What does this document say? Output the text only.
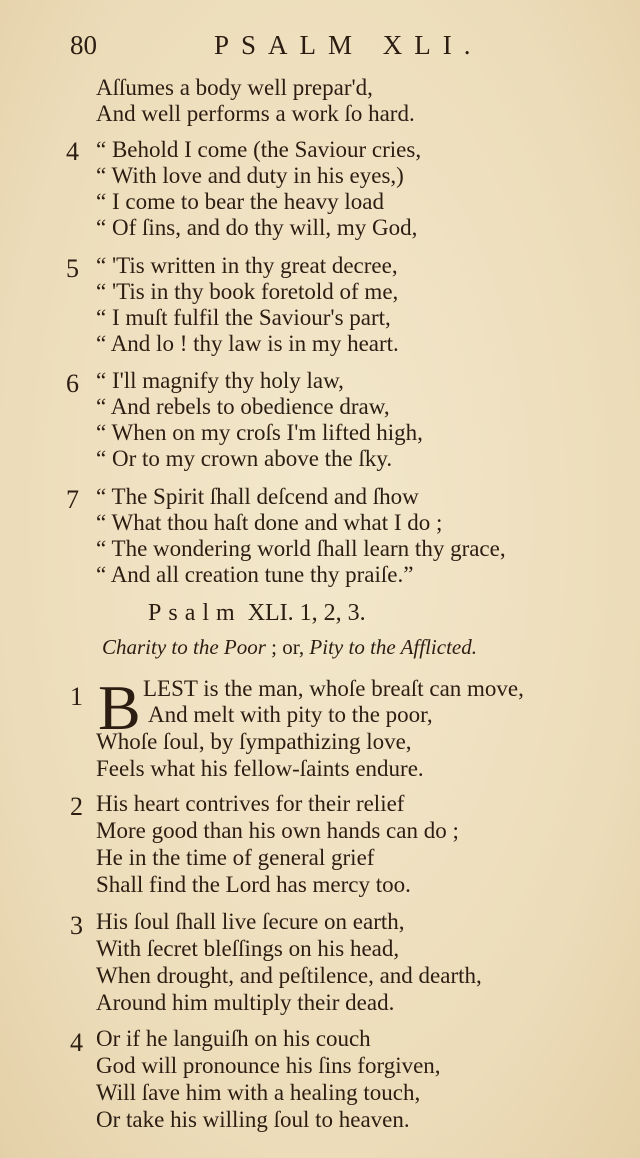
80	PSALM XLI.
Aſſumes a body well prepar'd,
And well performs a work ſo hard.
4 “ Behold I come (the Saviour cries,
“ With love and duty in his eyes,)
“ I come to bear the heavy load
“ Of ſins, and do thy will, my God,
5 “ 'Tis written in thy great decree,
“ 'Tis in thy book foretold of me,
“ I muſt fulfil the Saviour's part,
“ And lo ! thy law is in my heart.
6 “ I'll magnify thy holy law,
“ And rebels to obedience draw,
“ When on my croſs I'm lifted high,
“ Or to my crown above the ſky.
7 “ The Spirit ſhall deſcend and ſhow
“ What thou haſt done and what I do ;
“ The wondering world ſhall learn thy grace,
“ And all creation tune thy praiſe.”
Psalm XLI. 1, 2, 3.
Charity to the Poor ; or, Pity to the Afflicted.
1 B LEST is the man, whoſe breaſt can move,
And melt with pity to the poor,
Whoſe ſoul, by ſympathizing love,
Feels what his fellow-ſaints endure.
2 His heart contrives for their relief
More good than his own hands can do ;
He in the time of general grief
Shall find the Lord has mercy too.
3 His ſoul ſhall live ſecure on earth,
With ſecret bleſſings on his head,
When drought, and peſtilence, and dearth,
Around him multiply their dead.
4 Or if he languiſh on his couch
God will pronounce his ſins forgiven,
Will ſave him with a healing touch,
Or take his willing ſoul to heaven.
